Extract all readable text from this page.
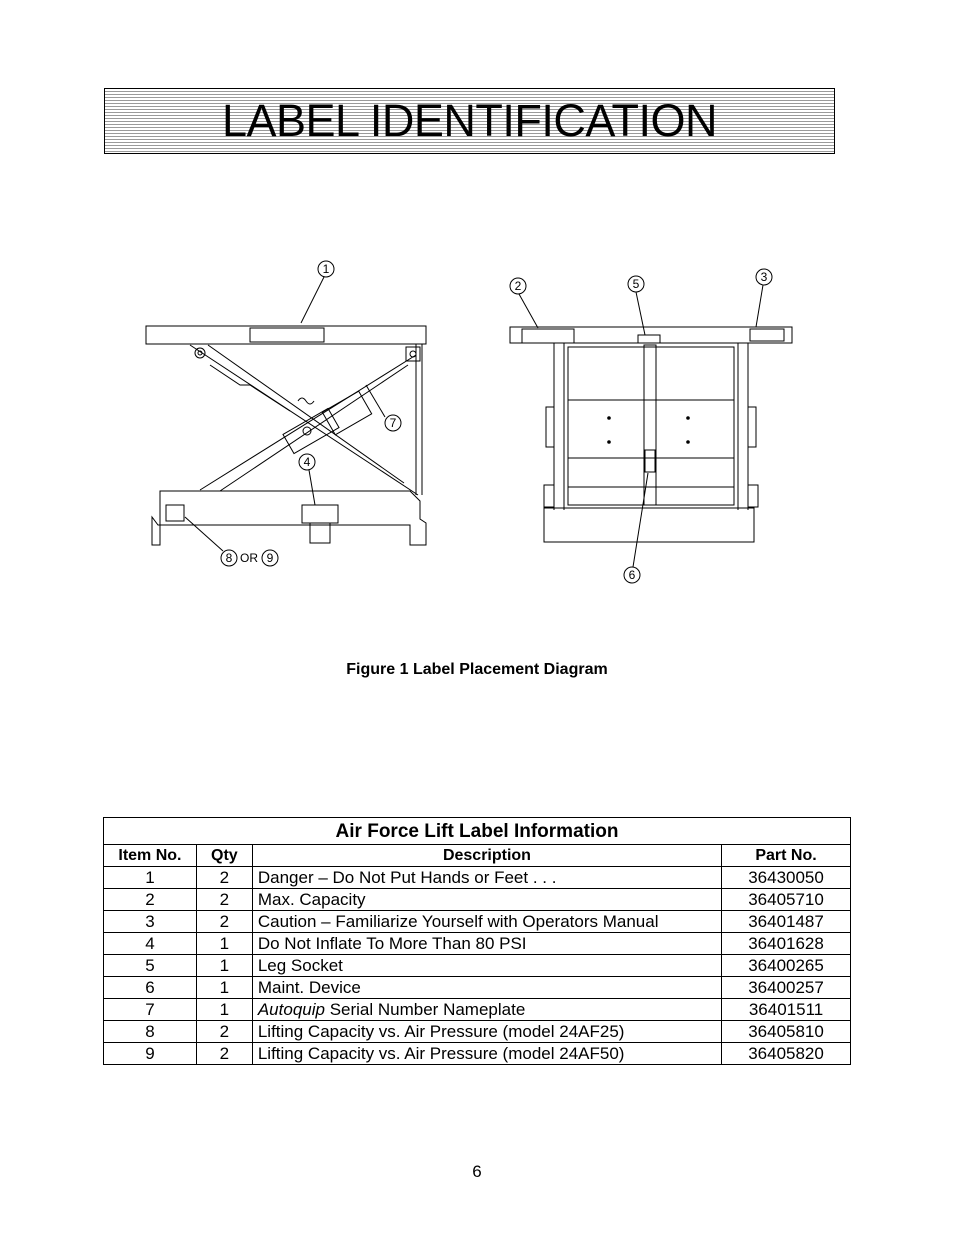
LABEL IDENTIFICATION
1
2
3
4
5
6
7
8 OR 9
Figure 1 Label Placement Diagram
Air Force Lift Label Information			
Item No.	Qty	Description	Part No.
1	2	Danger – Do Not Put Hands or Feet . . .	36430050
2	2	Max. Capacity	36405710
3	2	Caution – Familiarize Yourself with Operators Manual	36401487
4	1	Do Not Inflate To More Than 80 PSI	36401628
5	1	Leg Socket	36400265
6	1	Maint. Device	36400257
7	1	Autoquip Serial Number Nameplate	36401511
8	2	Lifting Capacity vs. Air Pressure (model 24AF25)	36405810
9	2	Lifting Capacity vs. Air Pressure (model 24AF50)	36405820
6
